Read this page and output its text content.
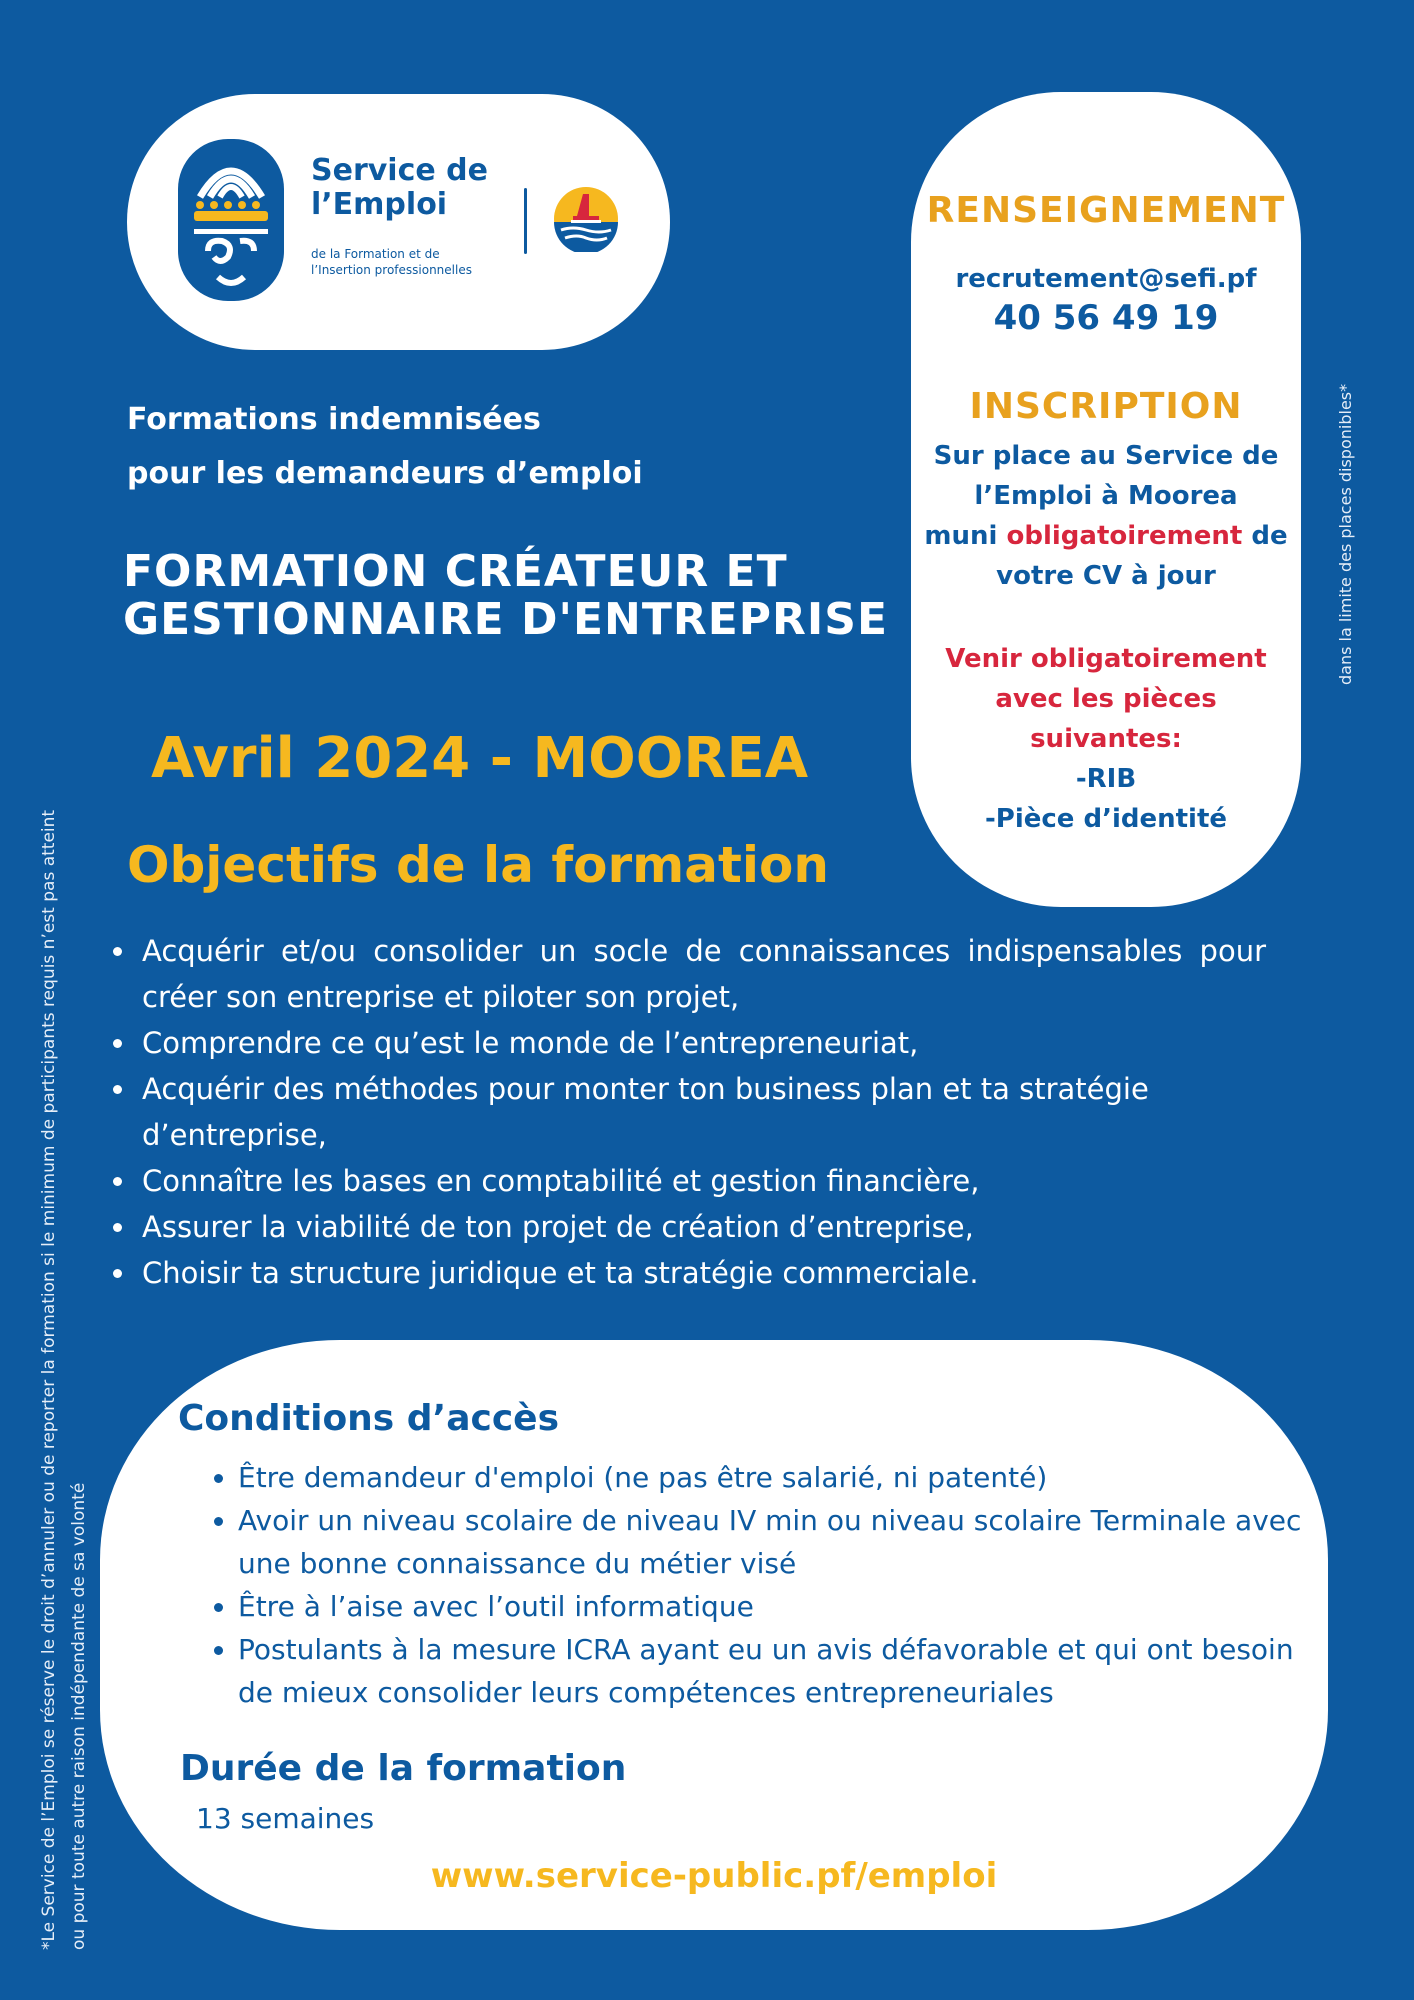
Service de
l’Emploi
de la Formation et de
l’Insertion professionnelles
RENSEIGNEMENT
recrutement@sefi.pf
40 56 49 19
INSCRIPTION
Sur place au Service de
l’Emploi à Moorea
muni obligatoirement de
votre CV à jour
Venir obligatoirement
avec les pièces
suivantes:
-RIB
-Pièce d’identité
Formations indemnisées
pour les demandeurs d’emploi
FORMATION CRÉATEUR ET
GESTIONNAIRE D'ENTREPRISE
Avril 2024 - MOOREA
Objectifs de la formation
• Acquérir et/ou consolider un socle de connaissances indispensables pour créer son entreprise et piloter son projet,
• Comprendre ce qu’est le monde de l’entrepreneuriat,
• Acquérir des méthodes pour monter ton business plan et ta stratégie d’entreprise,
• Connaître les bases en comptabilité et gestion financière,
• Assurer la viabilité de ton projet de création d’entreprise,
• Choisir ta structure juridique et ta stratégie commerciale.
dans la limite des places disponibles*
*Le Service de l’Emploi se réserve le droit d’annuler ou de reporter la formation si le minimum de participants requis n’est pas atteint ou pour toute autre raison indépendante de sa volonté
Conditions d’accès
• Être demandeur d'emploi (ne pas être salarié, ni patenté)
• Avoir un niveau scolaire de niveau IV min ou niveau scolaire Terminale avec une bonne connaissance du métier visé
• Être à l’aise avec l’outil informatique
• Postulants à la mesure ICRA ayant eu un avis défavorable et qui ont besoin de mieux consolider leurs compétences entrepreneuriales
Durée de la formation
13 semaines
www.service-public.pf/emploi
